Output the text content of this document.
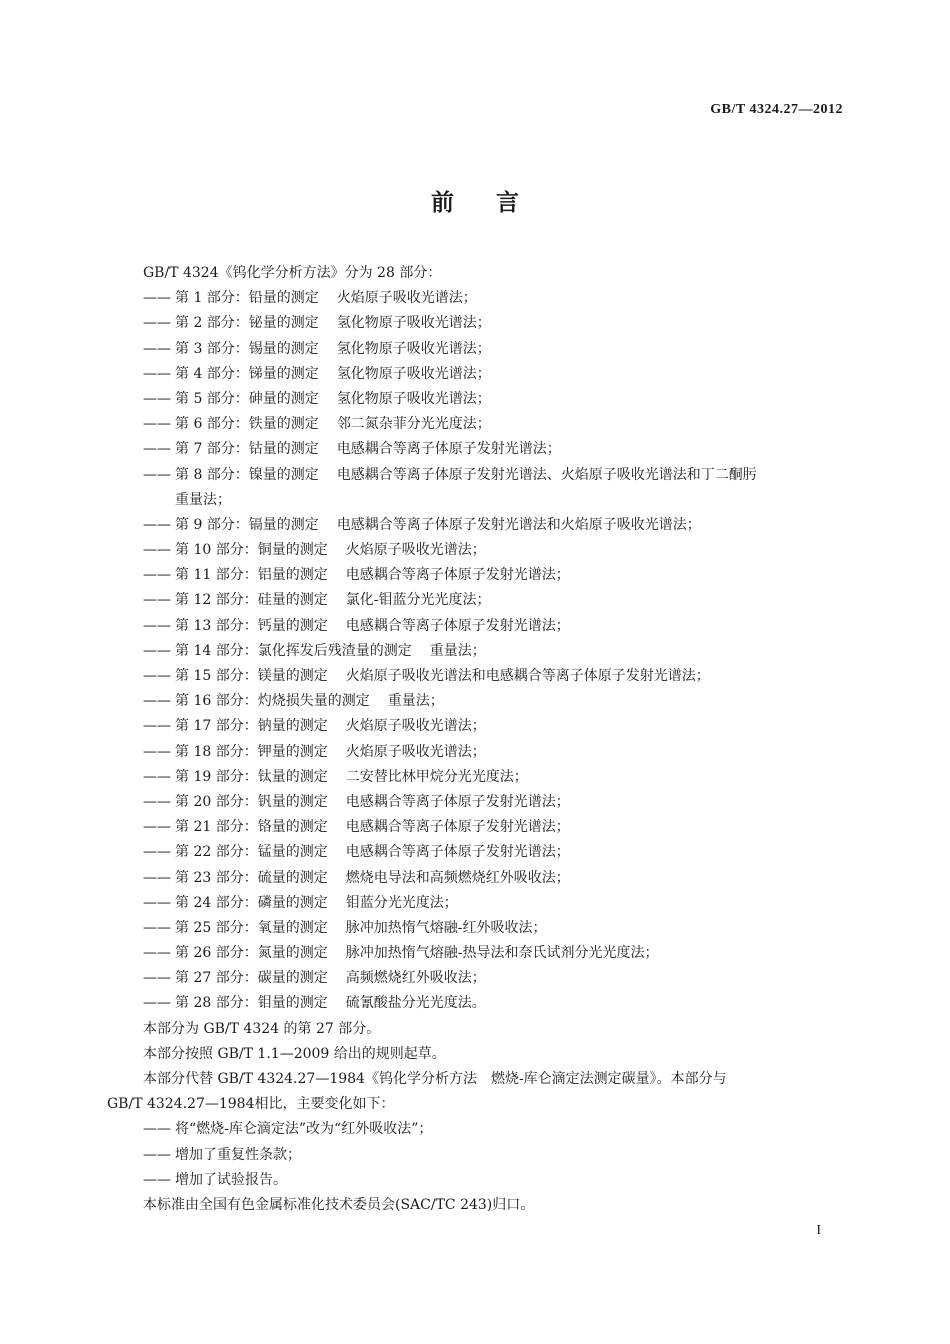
GB/T 4324.27—2012
前言
GB/T 4324《钨化学分析方法》分为 28 部分：
—— 第 1 部分：铅量的测定 火焰原子吸收光谱法；
—— 第 2 部分：铋量的测定 氢化物原子吸收光谱法；
—— 第 3 部分：锡量的测定 氢化物原子吸收光谱法；
—— 第 4 部分：锑量的测定 氢化物原子吸收光谱法；
—— 第 5 部分：砷量的测定 氢化物原子吸收光谱法；
—— 第 6 部分：铁量的测定 邻二氮杂菲分光光度法；
—— 第 7 部分：钴量的测定 电感耦合等离子体原子发射光谱法；
—— 第 8 部分：镍量的测定 电感耦合等离子体原子发射光谱法、火焰原子吸收光谱法和丁二酮肟
重量法；
—— 第 9 部分：镉量的测定 电感耦合等离子体原子发射光谱法和火焰原子吸收光谱法；
—— 第 10 部分：铜量的测定 火焰原子吸收光谱法；
—— 第 11 部分：铝量的测定 电感耦合等离子体原子发射光谱法；
—— 第 12 部分：硅量的测定 氯化-钼蓝分光光度法；
—— 第 13 部分：钙量的测定 电感耦合等离子体原子发射光谱法；
—— 第 14 部分：氯化挥发后残渣量的测定 重量法；
—— 第 15 部分：镁量的测定 火焰原子吸收光谱法和电感耦合等离子体原子发射光谱法；
—— 第 16 部分：灼烧损失量的测定 重量法；
—— 第 17 部分：钠量的测定 火焰原子吸收光谱法；
—— 第 18 部分：钾量的测定 火焰原子吸收光谱法；
—— 第 19 部分：钛量的测定 二安替比林甲烷分光光度法；
—— 第 20 部分：钒量的测定 电感耦合等离子体原子发射光谱法；
—— 第 21 部分：铬量的测定 电感耦合等离子体原子发射光谱法；
—— 第 22 部分：锰量的测定 电感耦合等离子体原子发射光谱法；
—— 第 23 部分：硫量的测定 燃烧电导法和高频燃烧红外吸收法；
—— 第 24 部分：磷量的测定 钼蓝分光光度法；
—— 第 25 部分：氧量的测定 脉冲加热惰气熔融-红外吸收法；
—— 第 26 部分：氮量的测定 脉冲加热惰气熔融-热导法和奈氏试剂分光光度法；
—— 第 27 部分：碳量的测定 高频燃烧红外吸收法；
—— 第 28 部分：钼量的测定 硫氰酸盐分光光度法。
本部分为 GB/T 4324 的第 27 部分。
本部分按照 GB/T 1.1—2009 给出的规则起草。
本部分代替 GB/T 4324.27—1984《钨化学分析方法　燃烧-库仑滴定法测定碳量》。本部分与
GB/T 4324.27—1984相比，主要变化如下：
—— 将“燃烧-库仑滴定法”改为“红外吸收法”；
—— 增加了重复性条款；
—— 增加了试验报告。
本标准由全国有色金属标准化技术委员会(SAC/TC 243)归口。
I
